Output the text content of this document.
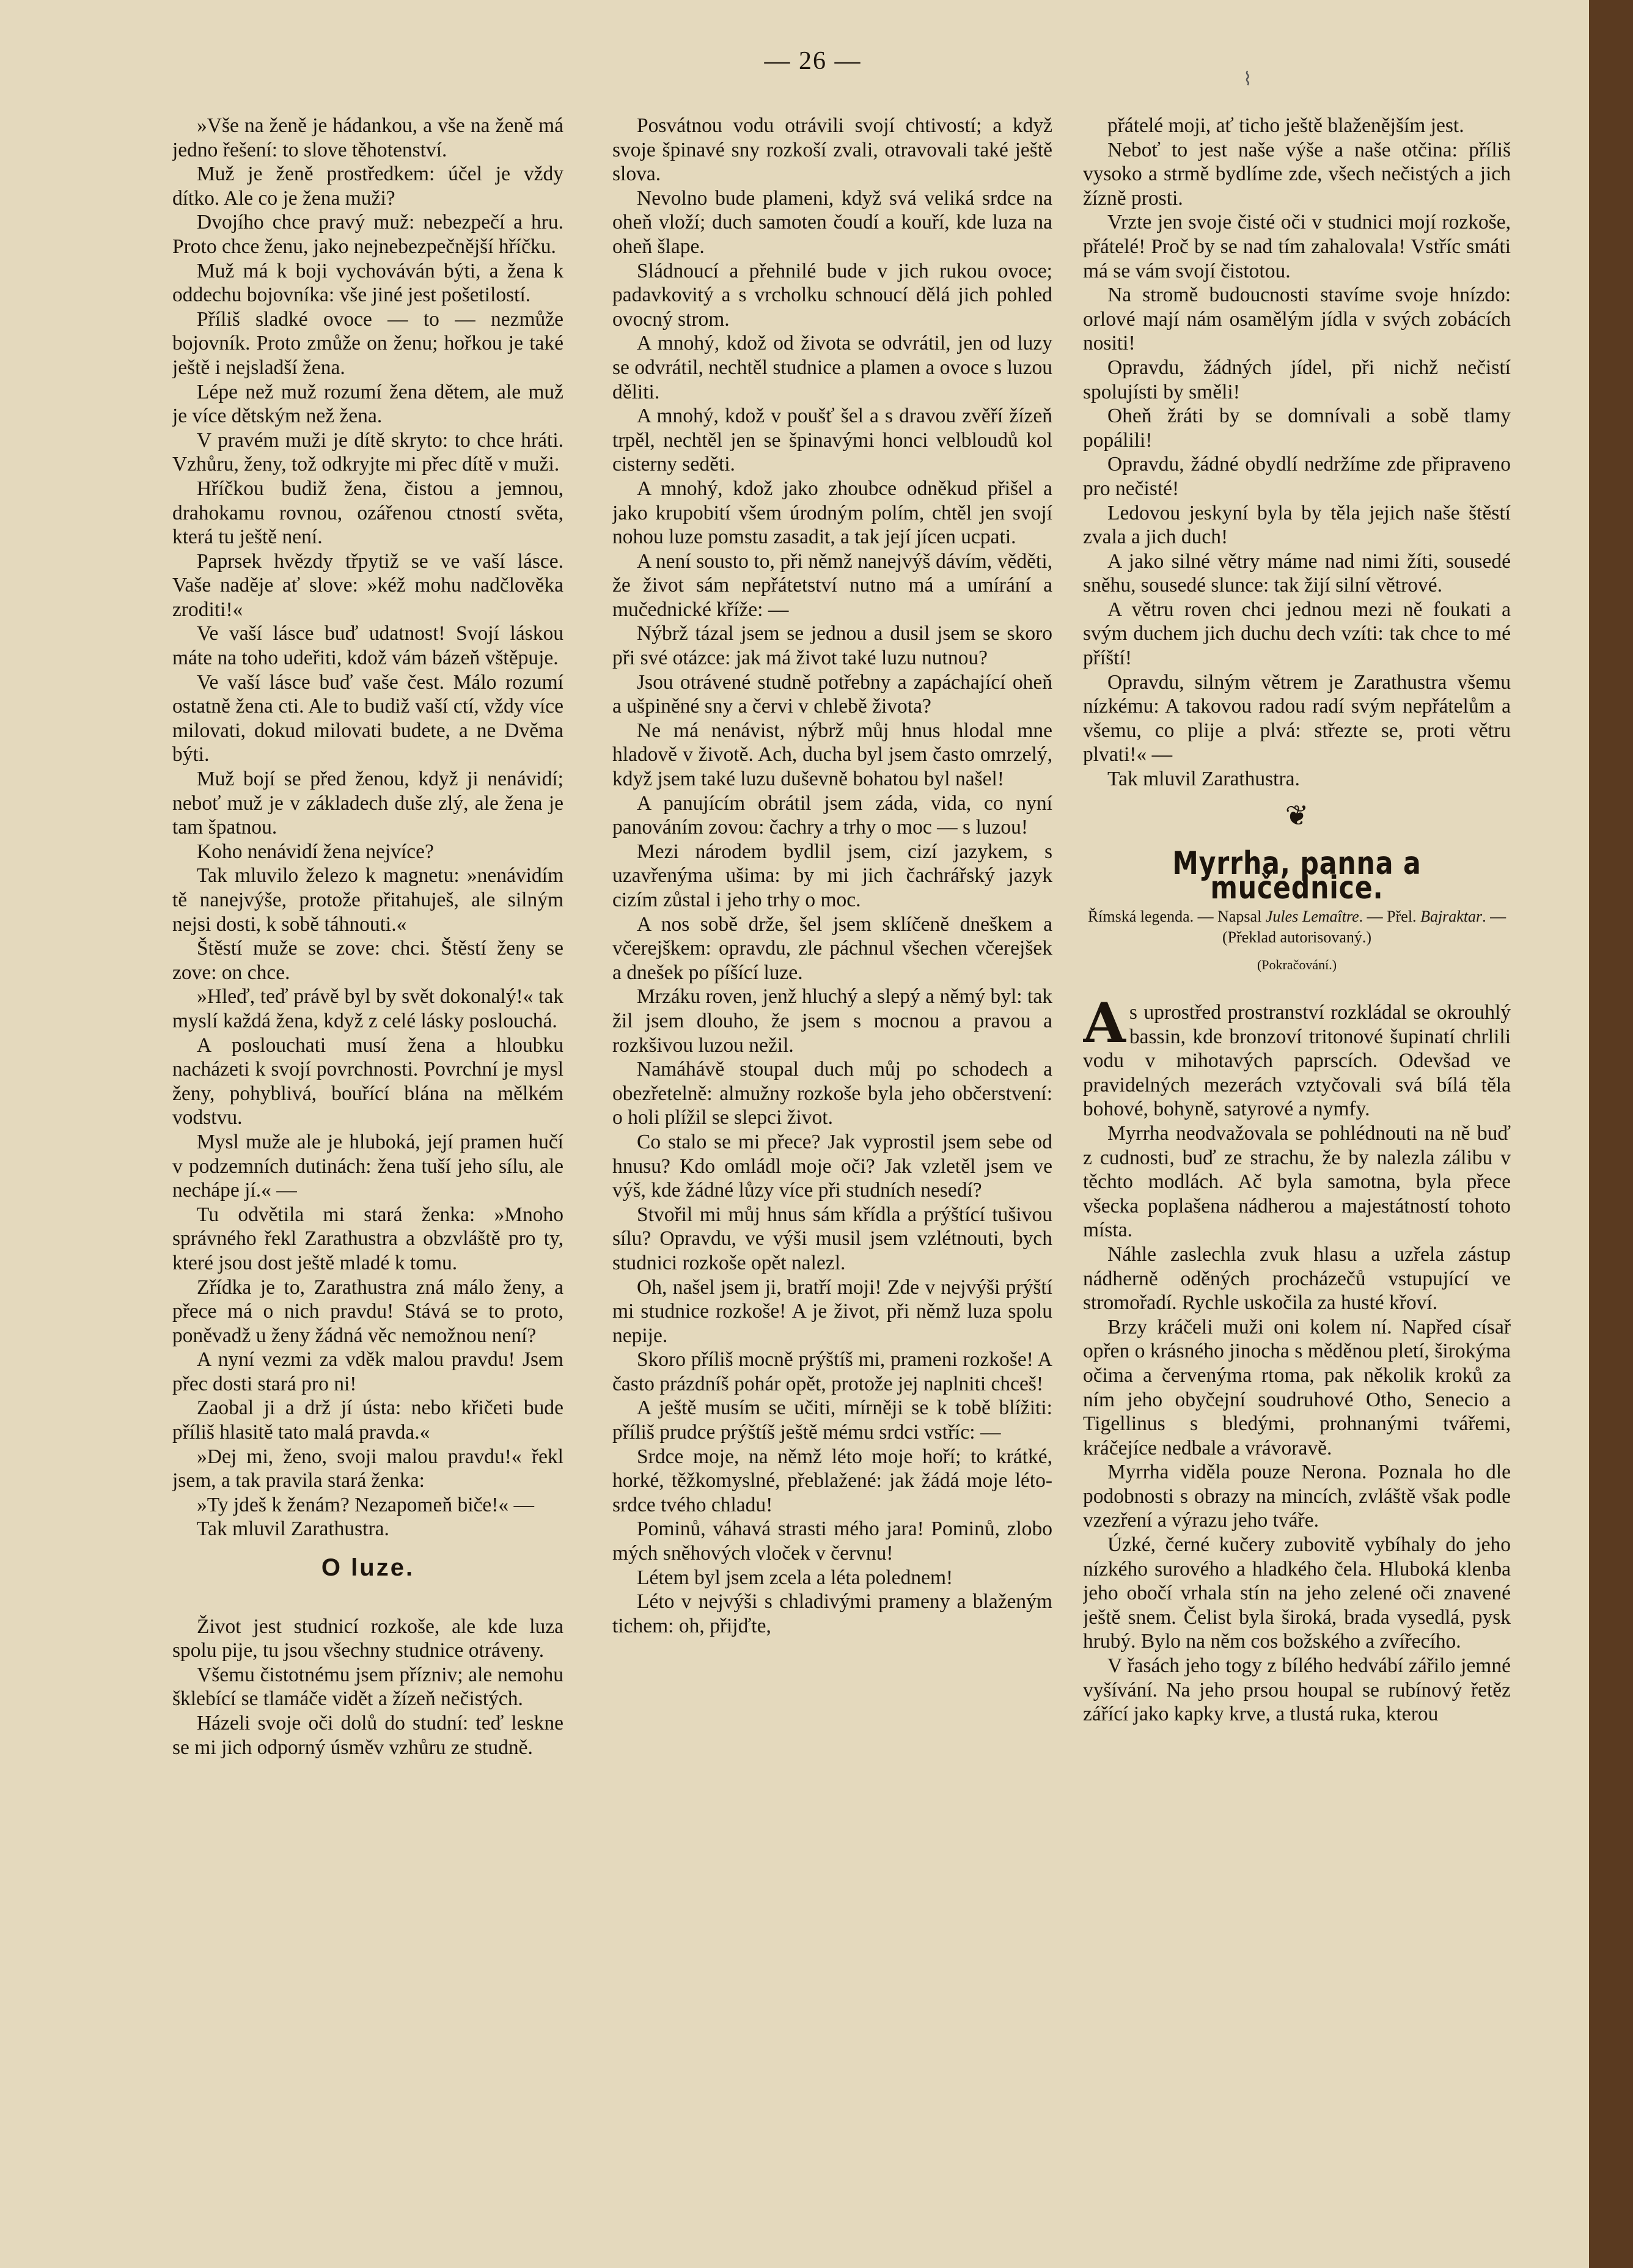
— 26 —
⌇

»Vše na ženě je hádankou, a vše na ženě má jedno řešení: to slove těhotenství.

Muž je ženě prostředkem: účel je vždy dítko. Ale co je žena muži?

Dvojího chce pravý muž: nebezpečí a hru. Proto chce ženu, jako nejnebezpečnější hříčku.

Muž má k boji vychováván býti, a žena k oddechu bojovníka: vše jiné jest pošetilostí.

Příliš sladké ovoce — to — nezmůže bojovník. Proto zmůže on ženu; hořkou je také ještě i nejsladší žena.

Lépe než muž rozumí žena dětem, ale muž je více dětským než žena.

V pravém muži je dítě skryto: to chce hráti. Vzhůru, ženy, tož odkryjte mi přec dítě v muži.

Hříčkou budiž žena, čistou a jemnou, drahokamu rovnou, ozářenou ctností světa, která tu ještě není.

Paprsek hvězdy třpytiž se ve vaší lásce. Vaše naděje ať slove: »kéž mohu nadčlověka zroditi!«

Ve vaší lásce buď udatnost! Svojí láskou máte na toho udeřiti, kdož vám bázeň vštěpuje.

Ve vaší lásce buď vaše čest. Málo rozumí ostatně žena cti. Ale to budiž vaší ctí, vždy více milovati, dokud milovati budete, a ne Dvěma býti.

Muž bojí se před ženou, když ji nenávidí; neboť muž je v základech duše zlý, ale žena je tam špatnou.

Koho nenávidí žena nejvíce?

Tak mluvilo železo k magnetu: »nenávidím tě nanejvýše, protože přitahuješ, ale silným nejsi dosti, k sobě táhnouti.«

Štěstí muže se zove: chci. Štěstí ženy se zove: on chce.

»Hleď, teď právě byl by svět dokonalý!« tak myslí každá žena, když z celé lásky poslouchá.

A poslouchati musí žena a hloubku nacházeti k svojí povrchnosti. Povrchní je mysl ženy, pohyblivá, bouřící blána na mělkém vodstvu.

Mysl muže ale je hluboká, její pramen hučí v podzemních dutinách: žena tuší jeho sílu, ale nechápe jí.« —

Tu odvětila mi stará ženka: »Mnoho správného řekl Zarathustra a obzvláště pro ty, které jsou dost ještě mladé k tomu.

Zřídka je to, Zarathustra zná málo ženy, a přece má o nich pravdu! Stává se to proto, poněvadž u ženy žádná věc nemožnou není?

A nyní vezmi za vděk malou pravdu! Jsem přec dosti stará pro ni!

Zaobal ji a drž jí ústa: nebo křičeti bude příliš hlasitě tato malá pravda.«

»Dej mi, ženo, svoji malou pravdu!« řekl jsem, a tak pravila stará ženka:

»Ty jdeš k ženám? Nezapomeň biče!« —

Tak mluvil Zarathustra.

O luze.

Život jest studnicí rozkoše, ale kde luza spolu pije, tu jsou všechny studnice otráveny.

Všemu čistotnému jsem přízniv; ale nemohu šklebící se tlamáče vidět a žízeň nečistých.

Házeli svoje oči dolů do studní: teď leskne se mi jich odporný úsměv vzhůru ze studně.

Posvátnou vodu otrávili svojí chtivostí; a když svoje špinavé sny rozkoší zvali, otravovali také ještě slova.

Nevolno bude plameni, když svá veliká srdce na oheň vloží; duch samoten čoudí a kouří, kde luza na oheň šlape.

Sládnoucí a přehnilé bude v jich rukou ovoce; padavkovitý a s vrcholku schnoucí dělá jich pohled ovocný strom.

A mnohý, kdož od života se odvrátil, jen od luzy se odvrátil, nechtěl studnice a plamen a ovoce s luzou děliti.

A mnohý, kdož v poušť šel a s dravou zvěří žízeň trpěl, nechtěl jen se špinavými honci velbloudů kol cisterny seděti.

A mnohý, kdož jako zhoubce odněkud přišel a jako krupobití všem úrodným polím, chtěl jen svojí nohou luze pomstu zasadit, a tak její jícen ucpati.

A není sousto to, při němž nanejvýš dávím, věděti, že život sám nepřátetství nutno má a umírání a mučednické kříže: —

Nýbrž tázal jsem se jednou a dusil jsem se skoro při své otázce: jak má život také luzu nutnou?

Jsou otrávené studně potřebny a zapáchající oheň a ušpiněné sny a červi v chlebě života?

Ne má nenávist, nýbrž můj hnus hlodal mne hladově v životě. Ach, ducha byl jsem často omrzelý, když jsem také luzu duševně bohatou byl našel!

A panujícím obrátil jsem záda, vida, co nyní panováním zovou: čachry a trhy o moc — s luzou!

Mezi národem bydlil jsem, cizí jazykem, s uzavřenýma ušima: by mi jich čachrářský jazyk cizím zůstal i jeho trhy o moc.

A nos sobě drže, šel jsem sklíčeně dneškem a včerejškem: opravdu, zle páchnul všechen včerejšek a dnešek po píšící luze.

Mrzáku roven, jenž hluchý a slepý a němý byl: tak žil jsem dlouho, že jsem s mocnou a pravou a rozkšivou luzou nežil.

Namáhávě stoupal duch můj po schodech a obezřetelně: almužny rozkoše byla jeho občerstvení: o holi plížil se slepci život.

Co stalo se mi přece? Jak vyprostil jsem sebe od hnusu? Kdo omládl moje oči? Jak vzletěl jsem ve výš, kde žádné lůzy více při studních nesedí?

Stvořil mi můj hnus sám křídla a prýštící tušivou sílu? Opravdu, ve výši musil jsem vzlétnouti, bych studnici rozkoše opět nalezl.

Oh, našel jsem ji, bratří moji! Zde v nejvýši prýští mi studnice rozkoše! A je život, při němž luza spolu nepije.

Skoro příliš mocně prýštíš mi, prameni rozkoše! A často prázdníš pohár opět, protože jej naplniti chceš!

A ještě musím se učiti, mírněji se k tobě blížiti: příliš prudce prýštíš ještě mému srdci vstříc: —

Srdce moje, na němž léto moje hoří; to krátké, horké, těžkomyslné, přeblažené: jak žádá moje léto-srdce tvého chladu!

Pominů, váhavá strasti mého jara! Pominů, zlobo mých sněhových vloček v červnu!

Létem byl jsem zcela a léta polednem!

Léto v nejvýši s chladivými prameny a blaženým tichem: oh, přijďte,

přátelé moji, ať ticho ještě blaženějším jest.

Neboť to jest naše výše a naše otčina: příliš vysoko a strmě bydlíme zde, všech nečistých a jich žízně prosti.

Vrzte jen svoje čisté oči v studnici mojí rozkoše, přátelé! Proč by se nad tím zahalovala! Vstříc smáti má se vám svojí čistotou.

Na stromě budoucnosti stavíme svoje hnízdo: orlové mají nám osamělým jídla v svých zobácích nositi!

Opravdu, žádných jídel, při nichž nečistí spolujísti by směli!

Oheň žráti by se domnívali a sobě tlamy popálili!

Opravdu, žádné obydlí nedržíme zde připraveno pro nečisté!

Ledovou jeskyní byla by těla jejich naše štěstí zvala a jich duch!

A jako silné větry máme nad nimi žíti, sousedé sněhu, sousedé slunce: tak žijí silní větrové.

A větru roven chci jednou mezi ně foukati a svým duchem jich duchu dech vzíti: tak chce to mé příští!

Opravdu, silným větrem je Zarathustra všemu nízkému: A takovou radou radí svým nepřátelům a všemu, co plije a plvá: střezte se, proti větru plvati!« —

Tak mluvil Zarathustra.

❦
Myrrha, panna a mučednice.
Římská legenda. — Napsal Jules Lemaître. — Přel. Bajraktar. — (Překlad autorisovaný.)
(Pokračování.)

As uprostřed prostranství rozkládal se okrouhlý bassin, kde bronzoví tritonové šupinatí chrlili vodu v mihotavých paprscích. Odevšad ve pravidelných mezerách vztyčovali svá bílá těla bohové, bohyně, satyrové a nymfy.

Myrrha neodvažovala se pohlédnouti na ně buď z cudnosti, buď ze strachu, že by nalezla zálibu v těchto modlách. Ač byla samotna, byla přece všecka poplašena nádherou a majestátností tohoto místa.

Náhle zaslechla zvuk hlasu a uzřela zástup nádherně oděných procházečů vstupující ve stromořadí. Rychle uskočila za husté křoví.

Brzy kráčeli muži oni kolem ní. Napřed císař opřen o krásného jinocha s měděnou pletí, širokýma očima a červenýma rtoma, pak několik kroků za ním jeho obyčejní soudruhové Otho, Senecio a Tigellinus s bledými, prohnanými tvářemi, kráčejíce nedbale a vrávoravě.

Myrrha viděla pouze Nerona. Poznala ho dle podobnosti s obrazy na mincích, zvláště však podle vzezření a výrazu jeho tváře.

Úzké, černé kučery zubovitě vybíhaly do jeho nízkého surového a hladkého čela. Hluboká klenba jeho obočí vrhala stín na jeho zelené oči znavené ještě snem. Čelist byla široká, brada vysedlá, pysk hrubý. Bylo na něm cos božského a zvířecího.

V řasách jeho togy z bílého hedvábí zářilo jemné vyšívání. Na jeho prsou houpal se rubínový řetěz zářící jako kapky krve, a tlustá ruka, kterou
